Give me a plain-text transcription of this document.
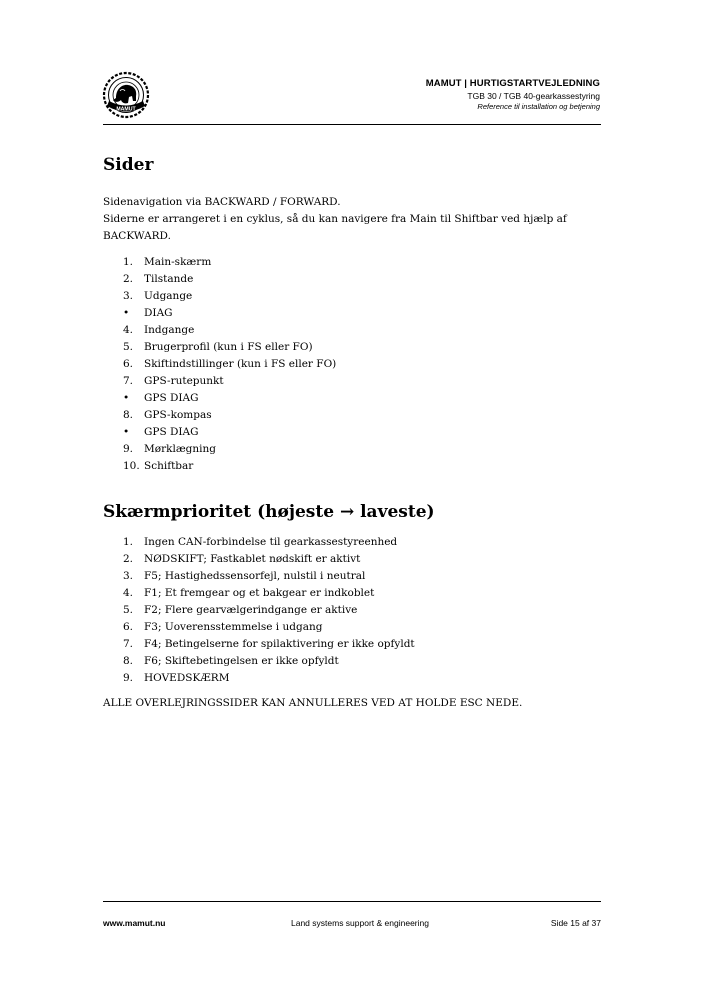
MAMUT
MAMUT | HURTIGSTARTVEJLEDNING
TGB 30 / TGB 40-gearkassestyring
Reference til installation og betjening
Sider

Sidenavigation via BACKWARD / FORWARD.

Siderne er arrangeret i en cyklus, så du kan navigere fra Main til Shiftbar ved hjælp af BACKWARD.

1. Main-skærm
2. Tilstande
3. Udgange
• DIAG
4. Indgange
5. Brugerprofil (kun i FS eller FO)
6. Skiftindstillinger (kun i FS eller FO)
7. GPS-rutepunkt
• GPS DIAG
8. GPS-kompas
• GPS DIAG
9. Mørklægning
10. Schiftbar
Skærmprioritet (højeste → laveste)
1. Ingen CAN-forbindelse til gearkassestyreenhed
2. NØDSKIFT; Fastkablet nødskift er aktivt
3. F5; Hastighedssensorfejl, nulstil i neutral
4. F1; Et fremgear og et bakgear er indkoblet
5. F2; Flere gearvælgerindgange er aktive
6. F3; Uoverensstemmelse i udgang
7. F4; Betingelserne for spilaktivering er ikke opfyldt
8. F6; Skiftebetingelsen er ikke opfyldt
9. HOVEDSKÆRM

ALLE OVERLEJRINGSSIDER KAN ANNULLERES VED AT HOLDE ESC NEDE.

www.mamut.nu	Land systems support & engineering	Side 15 af 37
